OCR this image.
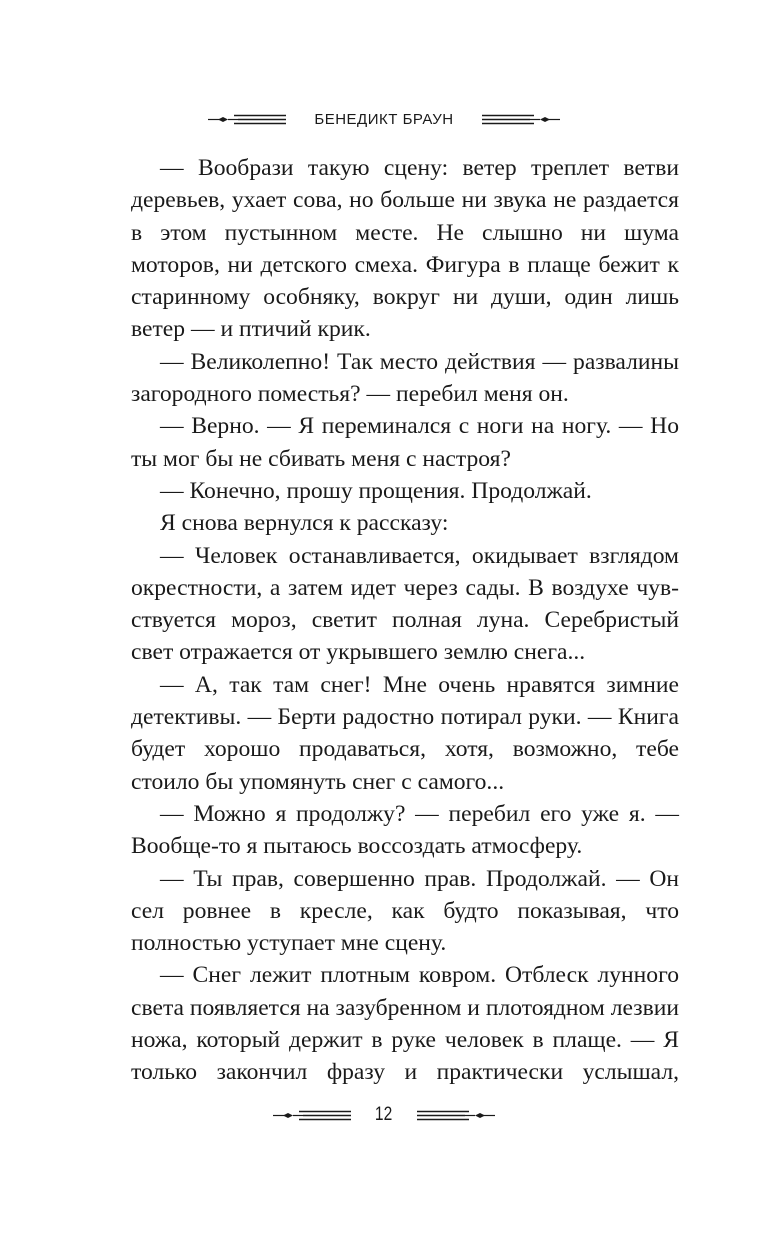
БЕНЕДИКТ БРАУН

— Вообрази такую сцену: ветер треплет ветви деревьев, ухает сова, но больше ни звука не раздается в этом пустынном месте. Не слышно ни шума моторов, ни детского смеха. Фигура в плаще бежит к старинному особняку, вокруг ни души, один лишь ветер — и птичий крик.

— Великолепно! Так место действия — развалины загородного поместья? — перебил меня он.

— Верно. — Я переминался с ноги на ногу. — Но ты мог бы не сбивать меня с настроя?

— Конечно, прошу прощения. Продолжай.

Я снова вернулся к рассказу:

— Человек останавливается, окидывает взглядом окрестности, а затем идет через сады. В воздухе чувствуется мороз, светит полная луна. Серебристый свет отражается от укрывшего землю снега...

— А, так там снег! Мне очень нравятся зимние детективы. — Берти радостно потирал руки. — Книга будет хорошо продаваться, хотя, возможно, тебе стоило бы упомянуть снег с самого...

— Можно я продолжу? — перебил его уже я. — Вообще-то я пытаюсь воссоздать атмосферу.

— Ты прав, совершенно прав. Продолжай. — Он сел ровнее в кресле, как будто показывая, что полностью уступает мне сцену.

— Снег лежит плотным ковром. Отблеск лунного света появляется на зазубренном и плотоядном лезвии ножа, который держит в руке человек в плаще. — Я только закончил фразу и практически услышал,

12
